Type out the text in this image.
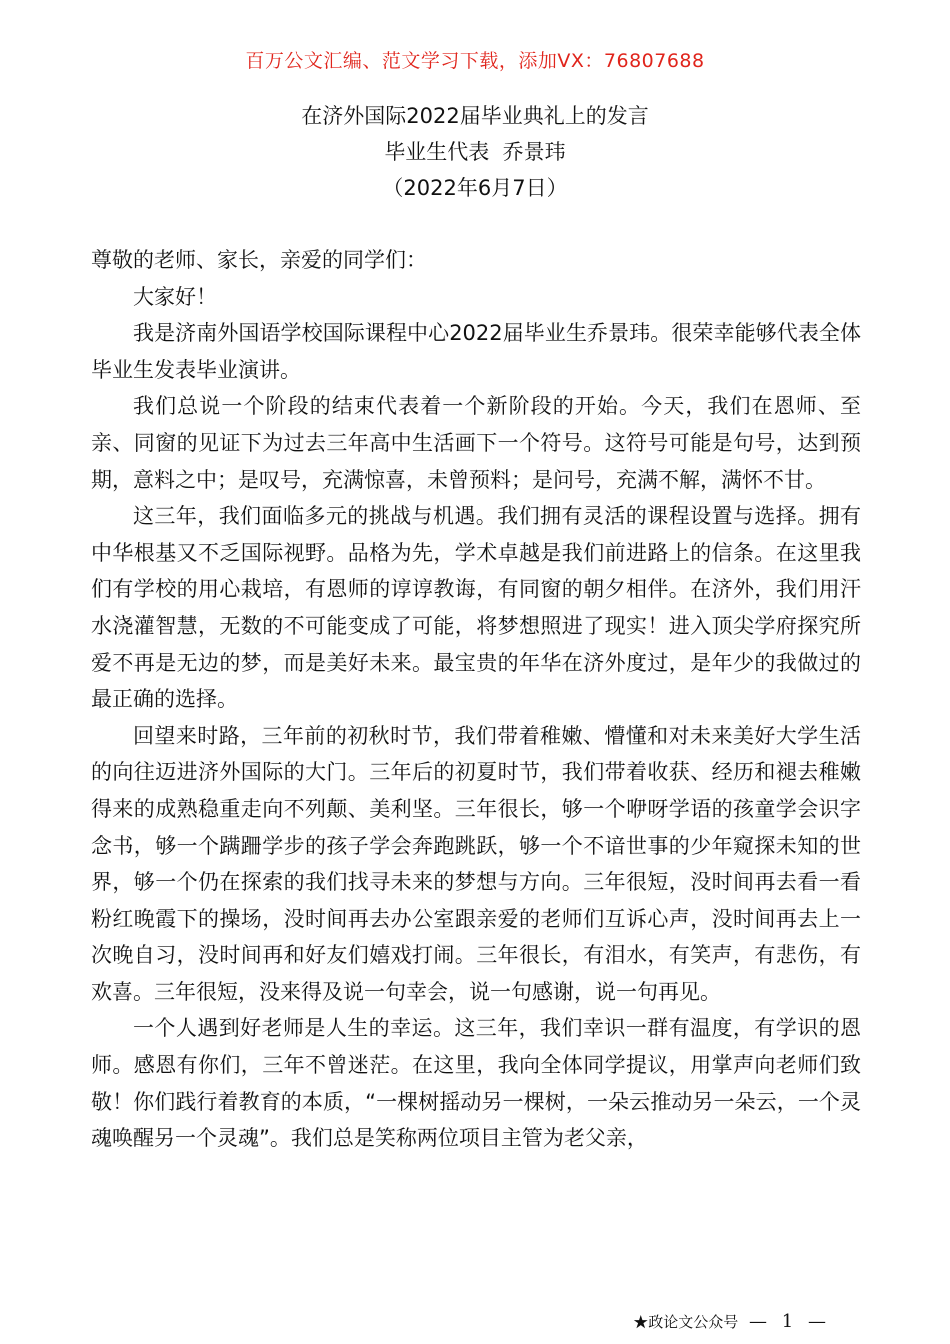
百万公文汇编、范文学习下载，添加VX：76807688
在济外国际2022届毕业典礼上的发言
毕业生代表  乔景玮
（2022年6月7日）

尊敬的老师、家长，亲爱的同学们：

大家好！

我是济南外国语学校国际课程中心2022届毕业生乔景玮。很荣幸能够代表全体毕业生发表毕业演讲。

我们总说一个阶段的结束代表着一个新阶段的开始。今天，我们在恩师、至亲、同窗的见证下为过去三年高中生活画下一个符号。这符号可能是句号，达到预期，意料之中；是叹号，充满惊喜，未曾预料；是问号，充满不解，满怀不甘。

这三年，我们面临多元的挑战与机遇。我们拥有灵活的课程设置与选择。拥有中华根基又不乏国际视野。品格为先，学术卓越是我们前进路上的信条。在这里我们有学校的用心栽培，有恩师的谆谆教诲，有同窗的朝夕相伴。在济外，我们用汗水浇灌智慧，无数的不可能变成了可能，将梦想照进了现实！进入顶尖学府探究所爱不再是无边的梦，而是美好未来。最宝贵的年华在济外度过，是年少的我做过的最正确的选择。

回望来时路，三年前的初秋时节，我们带着稚嫩、懵懂和对未来美好大学生活的向往迈进济外国际的大门。三年后的初夏时节，我们带着收获、经历和褪去稚嫩得来的成熟稳重走向不列颠、美利坚。三年很长，够一个咿呀学语的孩童学会识字念书，够一个蹒跚学步的孩子学会奔跑跳跃，够一个不谙世事的少年窥探未知的世界，够一个仍在探索的我们找寻未来的梦想与方向。三年很短，没时间再去看一看粉红晚霞下的操场，没时间再去办公室跟亲爱的老师们互诉心声，没时间再去上一次晚自习，没时间再和好友们嬉戏打闹。三年很长，有泪水，有笑声，有悲伤，有欢喜。三年很短，没来得及说一句幸会，说一句感谢，说一句再见。

一个人遇到好老师是人生的幸运。这三年，我们幸识一群有温度，有学识的恩师。感恩有你们，三年不曾迷茫。在这里，我向全体同学提议，用掌声向老师们致敬！你们践行着教育的本质，“一棵树摇动另一棵树，一朵云推动另一朵云，一个灵魂唤醒另一个灵魂”。我们总是笑称两位项目主管为老父亲，

★政论文公众号 — 1 —
